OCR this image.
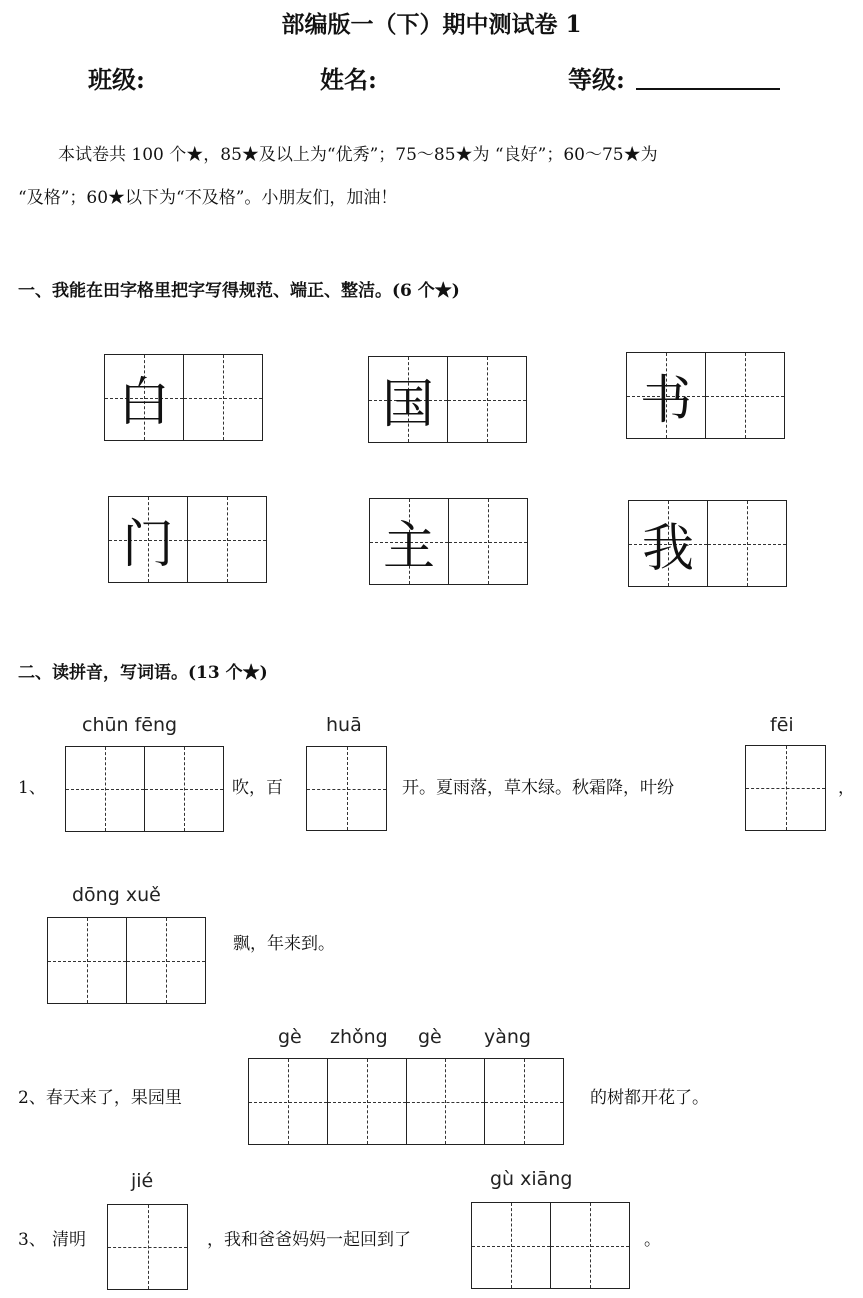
部编版一（下）期中测试卷 1
班级:	姓名:	等级:
本试卷共 100 个★，85★及以上为“优秀”；75～85★为 “良好”；60～75★为
“及格”；60★以下为“不及格”。小朋友们，加油！
一、我能在田字格里把字写得规范、端正、整洁。(6 个★)
白	国	书
门	主	我
二、读拼音，写词语。(13 个★)
chūn fēng
1、	吹，百
huā
开。夏雨落，草木绿。秋霜降，叶纷
fēi
，
dōng xuě
飘，年来到。
gè zhǒng gè yàng
2、春天来了，果园里	的树都开花了。
3、 清明
jié
，我和爸爸妈妈一起回到了
gù xiāng
。
